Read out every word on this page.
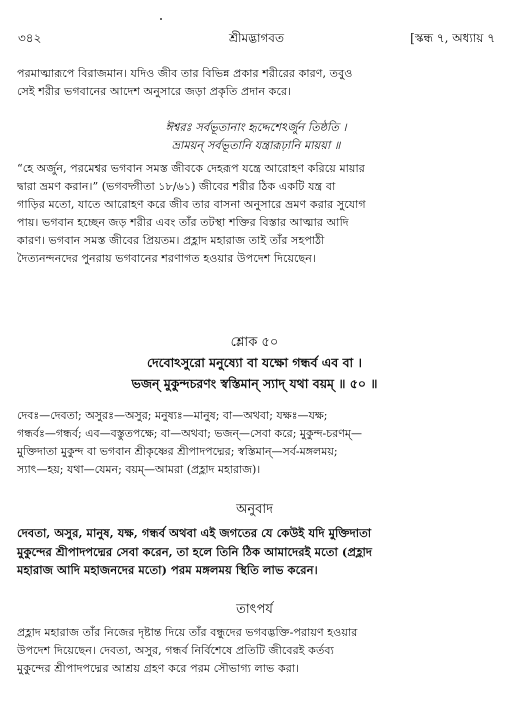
৩৪২	শ্রীমদ্ভাগবত	[স্কন্ধ ৭, অধ্যায় ৭

পরমাত্মারূপে বিরাজমান। যদিও জীব তার বিভিন্ন প্রকার শরীরের কারণ, তবুও

সেই শরীর ভগবানের আদেশ অনুসারে জড়া প্রকৃতি প্রদান করে।

ঈশ্বরঃ সর্বভূতানাং হৃদ্দেশেঽর্জুন তিষ্ঠতি ।

ভ্রাময়ন্ সর্বভূতানি যন্ত্রারূঢ়ানি মায়য়া ॥

“হে অর্জুন, পরমেশ্বর ভগবান সমস্ত জীবকে দেহরূপ যন্ত্রে আরোহণ করিয়ে মায়ার

দ্বারা ভ্রমণ করান।” (ভগবদ্গীতা ১৮/৬১) জীবের শরীর ঠিক একটি যন্ত্র বা

গাড়ির মতো, যাতে আরোহণ করে জীব তার বাসনা অনুসারে ভ্রমণ করার সুযোগ

পায়। ভগবান হচ্ছেন জড় শরীর এবং তাঁর তটস্থা শক্তির বিস্তার আত্মার আদি

কারণ। ভগবান সমস্ত জীবের প্রিয়তম। প্রহ্লাদ মহারাজ তাই তাঁর সহপাঠী

দৈত্যনন্দনদের পুনরায় ভগবানের শরণাগত হওয়ার উপদেশ দিয়েছেন।

শ্লোক ৫০

দেবোঽসুরো মনুষ্যো বা যক্ষো গন্ধর্ব এব বা ।

ভজন্ মুকুন্দচরণং স্বস্তিমান্ স্যাদ্ যথা বয়ম্ ॥ ৫০ ॥

দেবঃ—দেবতা; অসুরঃ—অসুর; মনুষ্যঃ—মানুষ; বা—অথবা; যক্ষঃ—যক্ষ;

গন্ধর্বঃ—গন্ধর্ব; এব—বস্তুতপক্ষে; বা—অথবা; ভজন্—সেবা করে; মুকুন্দ-চরণম্—

মুক্তিদাতা মুকুন্দ বা ভগবান শ্রীকৃষ্ণের শ্রীপাদপদ্মের; স্বস্তিমান্—সর্ব-মঙ্গলময়;

স্যাৎ—হয়; যথা—যেমন; বয়ম্—আমরা (প্রহ্লাদ মহারাজ)।

অনুবাদ

দেবতা, অসুর, মানুষ, যক্ষ, গন্ধর্ব অথবা এই জগতের যে কেউই যদি মুক্তিদাতা

মুকুন্দের শ্রীপাদপদ্মের সেবা করেন, তা হলে তিনি ঠিক আমাদেরই মতো (প্রহ্লাদ

মহারাজ আদি মহাজনদের মতো) পরম মঙ্গলময় স্থিতি লাভ করেন।

তাৎপর্য

প্রহ্লাদ মহারাজ তাঁর নিজের দৃষ্টান্ত দিয়ে তাঁর বন্ধুদের ভগবদ্ভক্তি-পরায়ণ হওয়ার

উপদেশ দিয়েছেন। দেবতা, অসুর, গন্ধর্ব নির্বিশেষে প্রতিটি জীবেরই কর্তব্য

মুকুন্দের শ্রীপাদপদ্মের আশ্রয় গ্রহণ করে পরম সৌভাগ্য লাভ করা।
